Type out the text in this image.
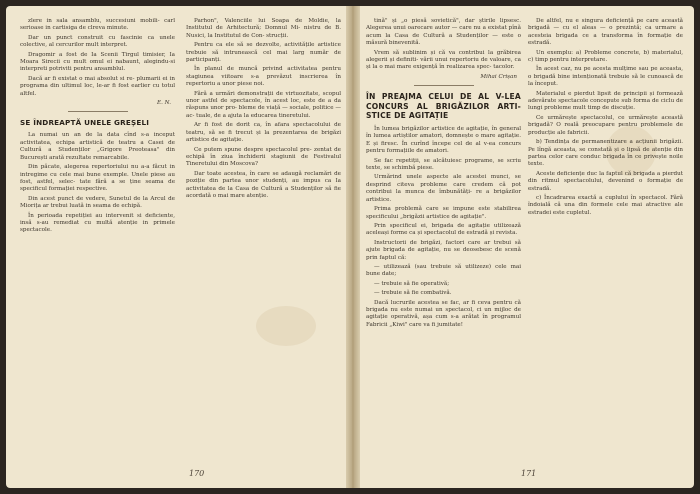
zlere in sala ansamblu, succesiuni mobili- carl serioase in cartisiga de clreva minute.

Dar un punct construit cu fascinie ca unele colective, al cercurilor mult interpret.

Dragomir a fost de Ia Scenii Tirgul timisier, Ia Moara Sirecii cu mult omul ei nabaunt, alegindu-si interpreti potriviti pentru ansamblul.

Dacă ar fi existat o mai absolut si re- plumarii ei in programa din ultimul loc, le-ar fi fost earlier cu totul altfel.

E. N.
SE ÎNDREAPTĂ UNELE GREȘELI

La numai un an de la data cînd s-a inceput activitatea, echipa artistică de teatru a Casei de Cultură a Studenților „Grigore Preoteasa" din București arată rezultate remarcabile.

Din păcate, alegerea repertoriului nu a-a făcut in intregime cu cele mai bune exemple. Unele piese au fost, astfel, selec- tate fără a se ține seama de specificul formației respective.

Din acest punct de vedere, Sunetul de la Arcul de Miorița ar trebui luată in seama de echipă.

În perioada repetiției au intervenit si deficiente, insă s-au remediat cu multă atenție in primele spectacole.

Parhon", Valenciile lui Soapa de Moldie, la Institutul de Arhitectură; Domnul Mi- nistru de B. Nusici, la Institutul de Con- strucții.

Pentru ca ele să se dezvolte, activitățile artistice trebuie să intrunească cel mai larg număr de participanți.

În planul de muncă privind activitatea pentru stagiunea viitoare s-a prevăzut inscrierea în repertoriu a unor piese noi.

Fără a urmări demonstrații de virtuozitate, scopul unor astfel de spectacole, în acest loc, este de a da răspuns unor pro- bleme de viață — sociale, politice — ac- tuale, de a ajuta la educarea tineretului.

Ar fi fost de dorit ca, în afara spectacolului de teatru, să se fi trecut și la prezentarea de brigăzi artistice de agitație.

Ce putem spune despre spectacolul pre- zentat de echipă în ziua închiderii stagiunii de Festivalul Tineretului din Moscova?

Dar toate acestea, în care se adaugă reclamări de poziție din partea unor studenți, au impus ca Ia activitatea de la Casa de Cultură a Studenților să fie acordată o mai mare atenție.

170

tină" și „o piesă sovietică", dar știrile lipsesc. Alegerea unui oarecare autor — care nu a existat pînă acum la Casa de Cultură a Studenților — este o măsură binevenită.

Vrem să sublinim și că va contribui la grăbirea alegerii și definiti- vării unui repertoriu de valoare, ca și la o mai mare exigență în realizarea spec- tacolor.

Mihai Crișan
ÎN PREAJMA CELUI DE AL V-LEA CONCURS AL BRIGĂZILOR ARTI- STICE DE AGITAȚIE

În lumea brigăzilor artistice de agitație, în general în lumea artiștilor amatori, domnește o mare agitație. E și firesc. În curînd începe cel de al v-ea concurs pentru formațiile de amatori.

Se fac repetiții, se alcătuiesc programe, se scriu texte, se schimbă piese.

Urmărind unele aspecte ale acestei munci, se desprind citeva probleme care credem că pot contribui la munca de îmbunătăți- re a brigăzilor artistice.

Prima problemă care se impune este stabilirea specificului „brigăzii artistice de agitație".

Prin specificul ei, brigada de agitație utilizează aceleași forme ca și spectacolul de estradă și revista.

Instructorii de brigăzi, factori care ar trebui să ajute brigada de agitație, nu se deosebesc de scenă prin faptul că:

— utilizează (sau trebuie să utilizeze) cele mai bune date;

— trebuie să fie operativă;

— trebuie să fie combativă.

Dacă lucrurile acestea se fac, ar fi ceva pentru că brigada nu este numai un spectacol, ci un mijloc de agitație operativă, așa cum s-a arătat în programul Fabricii „Kiwi" care va fi jumitate!

De altfel, nu e singura deficiență pe care această brigadă — cu el aleas — o prezintă; ca urmare a acesteia brigada ce a transforma în formație de estradă.

Un exemplu: a) Probleme concrete, b) materialul, c) timp pentru interpretare.

În acest caz, nu pe acesta mulțime sau pe aceasta, o brigadă bine intenționată trebuie să le cunoască de la început.

Materialul e pierdut lipsit de principii și formează adevărate spectacole concepute sub forma de ciclu de lungi probleme mult timp de discuție.

Ce urmărește spectacolul, ce urmărește această brigadă? O reală preocupare pentru problemele de producție ale fabricii.

b) Tendința de permanentizare a acțiunii brigăzii. Pe lîngă aceasta, se constată și o lipsă de atenție din partea celor care conduc brigada în ce privește noile texte.

Aceste deficiențe duc la faptul că brigada a pierdut din ritmul spectacolului, devenind o formație de estradă.

c) Încadrarea exactă a cuplului în spectacol. Fără îndoială că una din formele cele mai atractive ale estradei este cupletul.

171
